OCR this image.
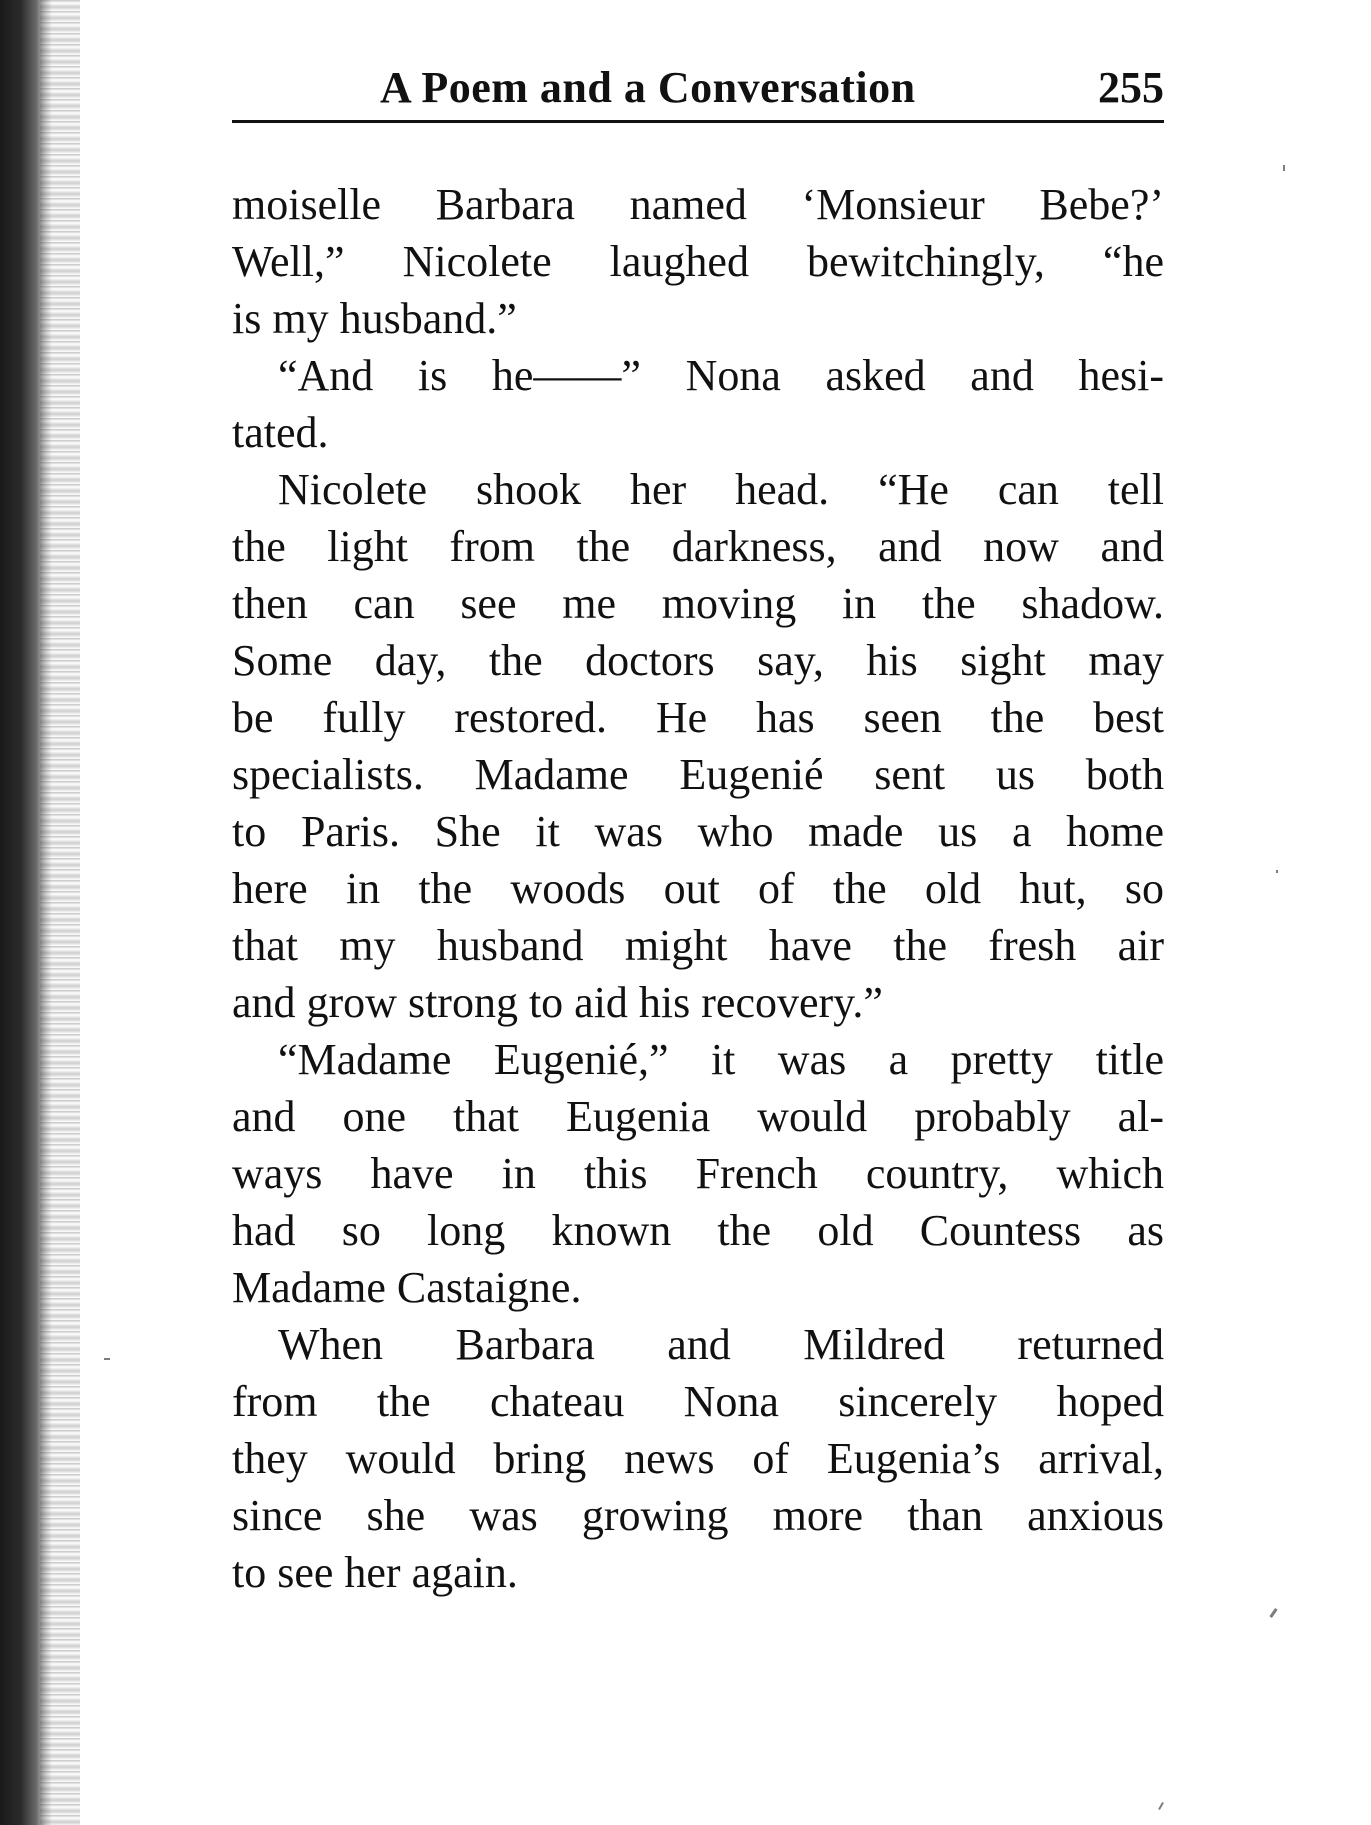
A Poem and a Conversation	255
moiselle Barbara named ‘Monsieur Bebe?’
Well,” Nicolete laughed bewitchingly, “he
is my husband.”
“And is he——” Nona asked and hesi-
tated.
Nicolete shook her head. “He can tell
the light from the darkness, and now and
then can see me moving in the shadow.
Some day, the doctors say, his sight may
be fully restored. He has seen the best
specialists. Madame Eugenié sent us both
to Paris. She it was who made us a home
here in the woods out of the old hut, so
that my husband might have the fresh air
and grow strong to aid his recovery.”
“Madame Eugenié,” it was a pretty title
and one that Eugenia would probably al-
ways have in this French country, which
had so long known the old Countess as
Madame Castaigne.
When Barbara and Mildred returned
from the chateau Nona sincerely hoped
they would bring news of Eugenia’s arrival,
since she was growing more than anxious
to see her again.
